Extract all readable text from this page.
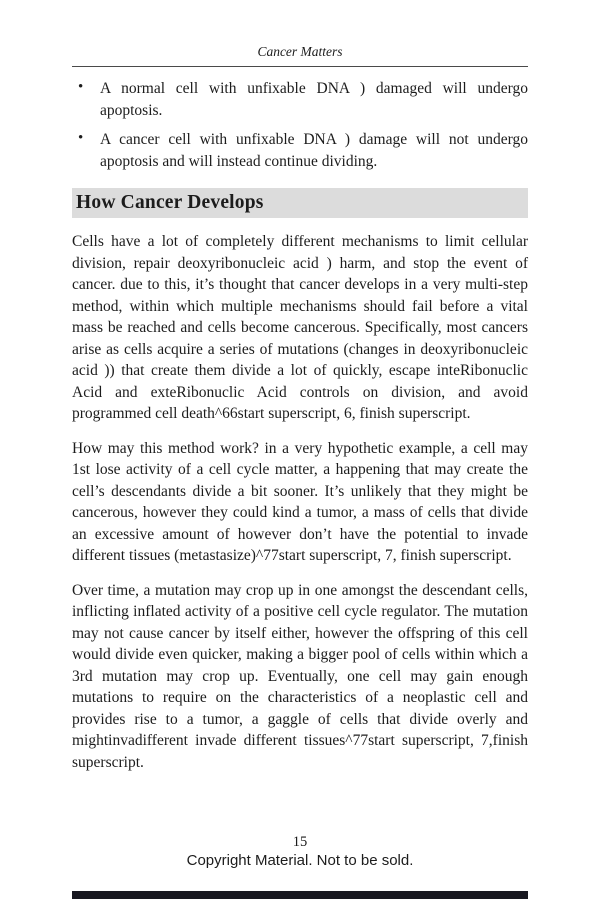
Cancer Matters
• A normal cell with unfixable DNA ) damaged will undergo apoptosis.
• A cancer cell with unfixable DNA ) damage will not undergo apoptosis and will instead continue dividing.
How Cancer Develops

Cells have a lot of completely different mechanisms to limit cellular division, repair deoxyribonucleic acid ) harm, and stop the event of cancer. due to this, it’s thought that cancer develops in a very multi-step method, within which multiple mechanisms should fail before a vital mass be reached and cells become cancerous. Specifically, most cancers arise as cells acquire a series of mutations (changes in deoxyribonucleic acid )) that create them divide a lot of quickly, escape inteRibonuclic Acid and exteRibonuclic Acid controls on division, and avoid programmed cell death^66start superscript, 6, finish superscript.

How may this method work? in a very hypothetic example, a cell may 1st lose activity of a cell cycle matter, a happening that may create the cell’s descendants divide a bit sooner. It’s unlikely that they might be cancerous, however they could kind a tumor, a mass of cells that divide an excessive amount of however don’t have the potential to invade different tissues (metastasize)^77start superscript, 7, finish superscript.

Over time, a mutation may crop up in one amongst the descendant cells, inflicting inflated activity of a positive cell cycle regulator. The mutation may not cause cancer by itself either, however the offspring of this cell would divide even quicker, making a bigger pool of cells within which a 3rd mutation may crop up. Eventually, one cell may gain enough mutations to require on the characteristics of a neoplastic cell and provides rise to a tumor, a gaggle of cells that divide overly and mightinvadifferent invade different tissues^77start superscript, 7,finish superscript.

15
Copyright Material. Not to be sold.
